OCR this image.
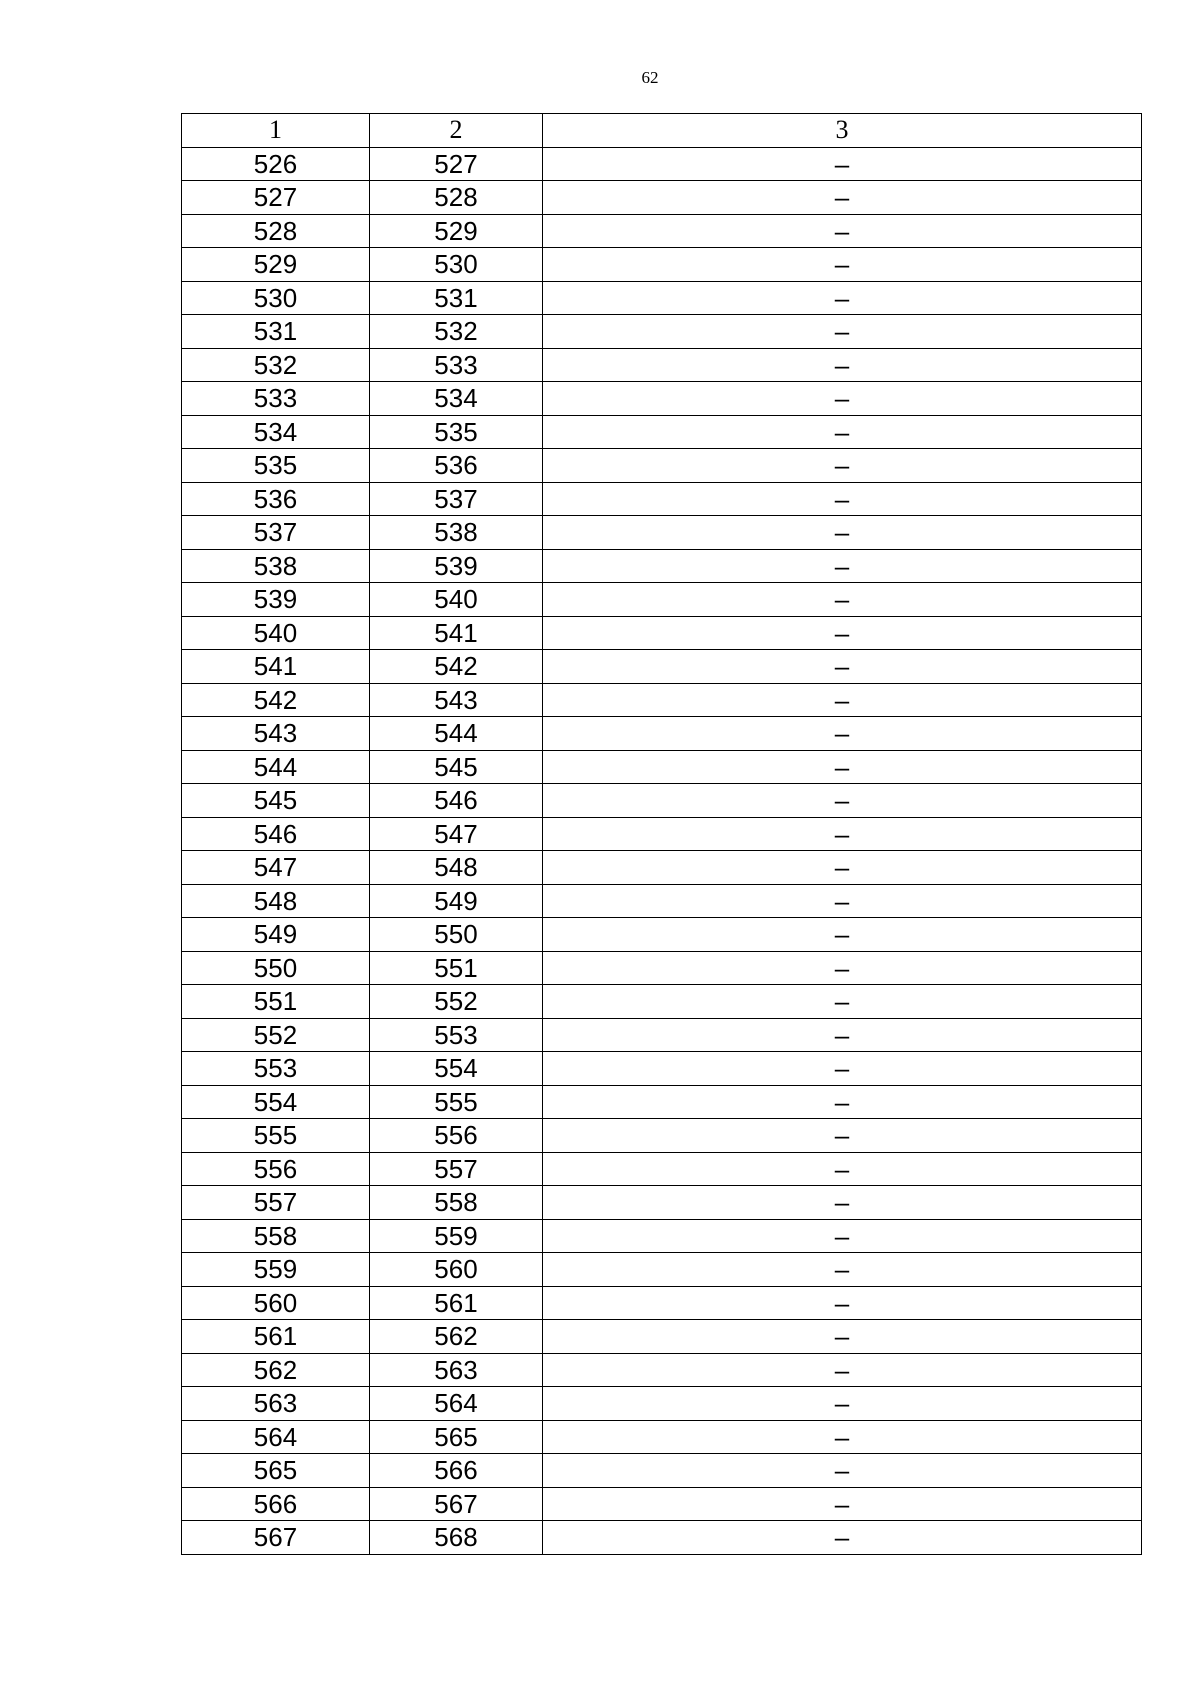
62
1	2	3
526	527	–
527	528	–
528	529	–
529	530	–
530	531	–
531	532	–
532	533	–
533	534	–
534	535	–
535	536	–
536	537	–
537	538	–
538	539	–
539	540	–
540	541	–
541	542	–
542	543	–
543	544	–
544	545	–
545	546	–
546	547	–
547	548	–
548	549	–
549	550	–
550	551	–
551	552	–
552	553	–
553	554	–
554	555	–
555	556	–
556	557	–
557	558	–
558	559	–
559	560	–
560	561	–
561	562	–
562	563	–
563	564	–
564	565	–
565	566	–
566	567	–
567	568	–
